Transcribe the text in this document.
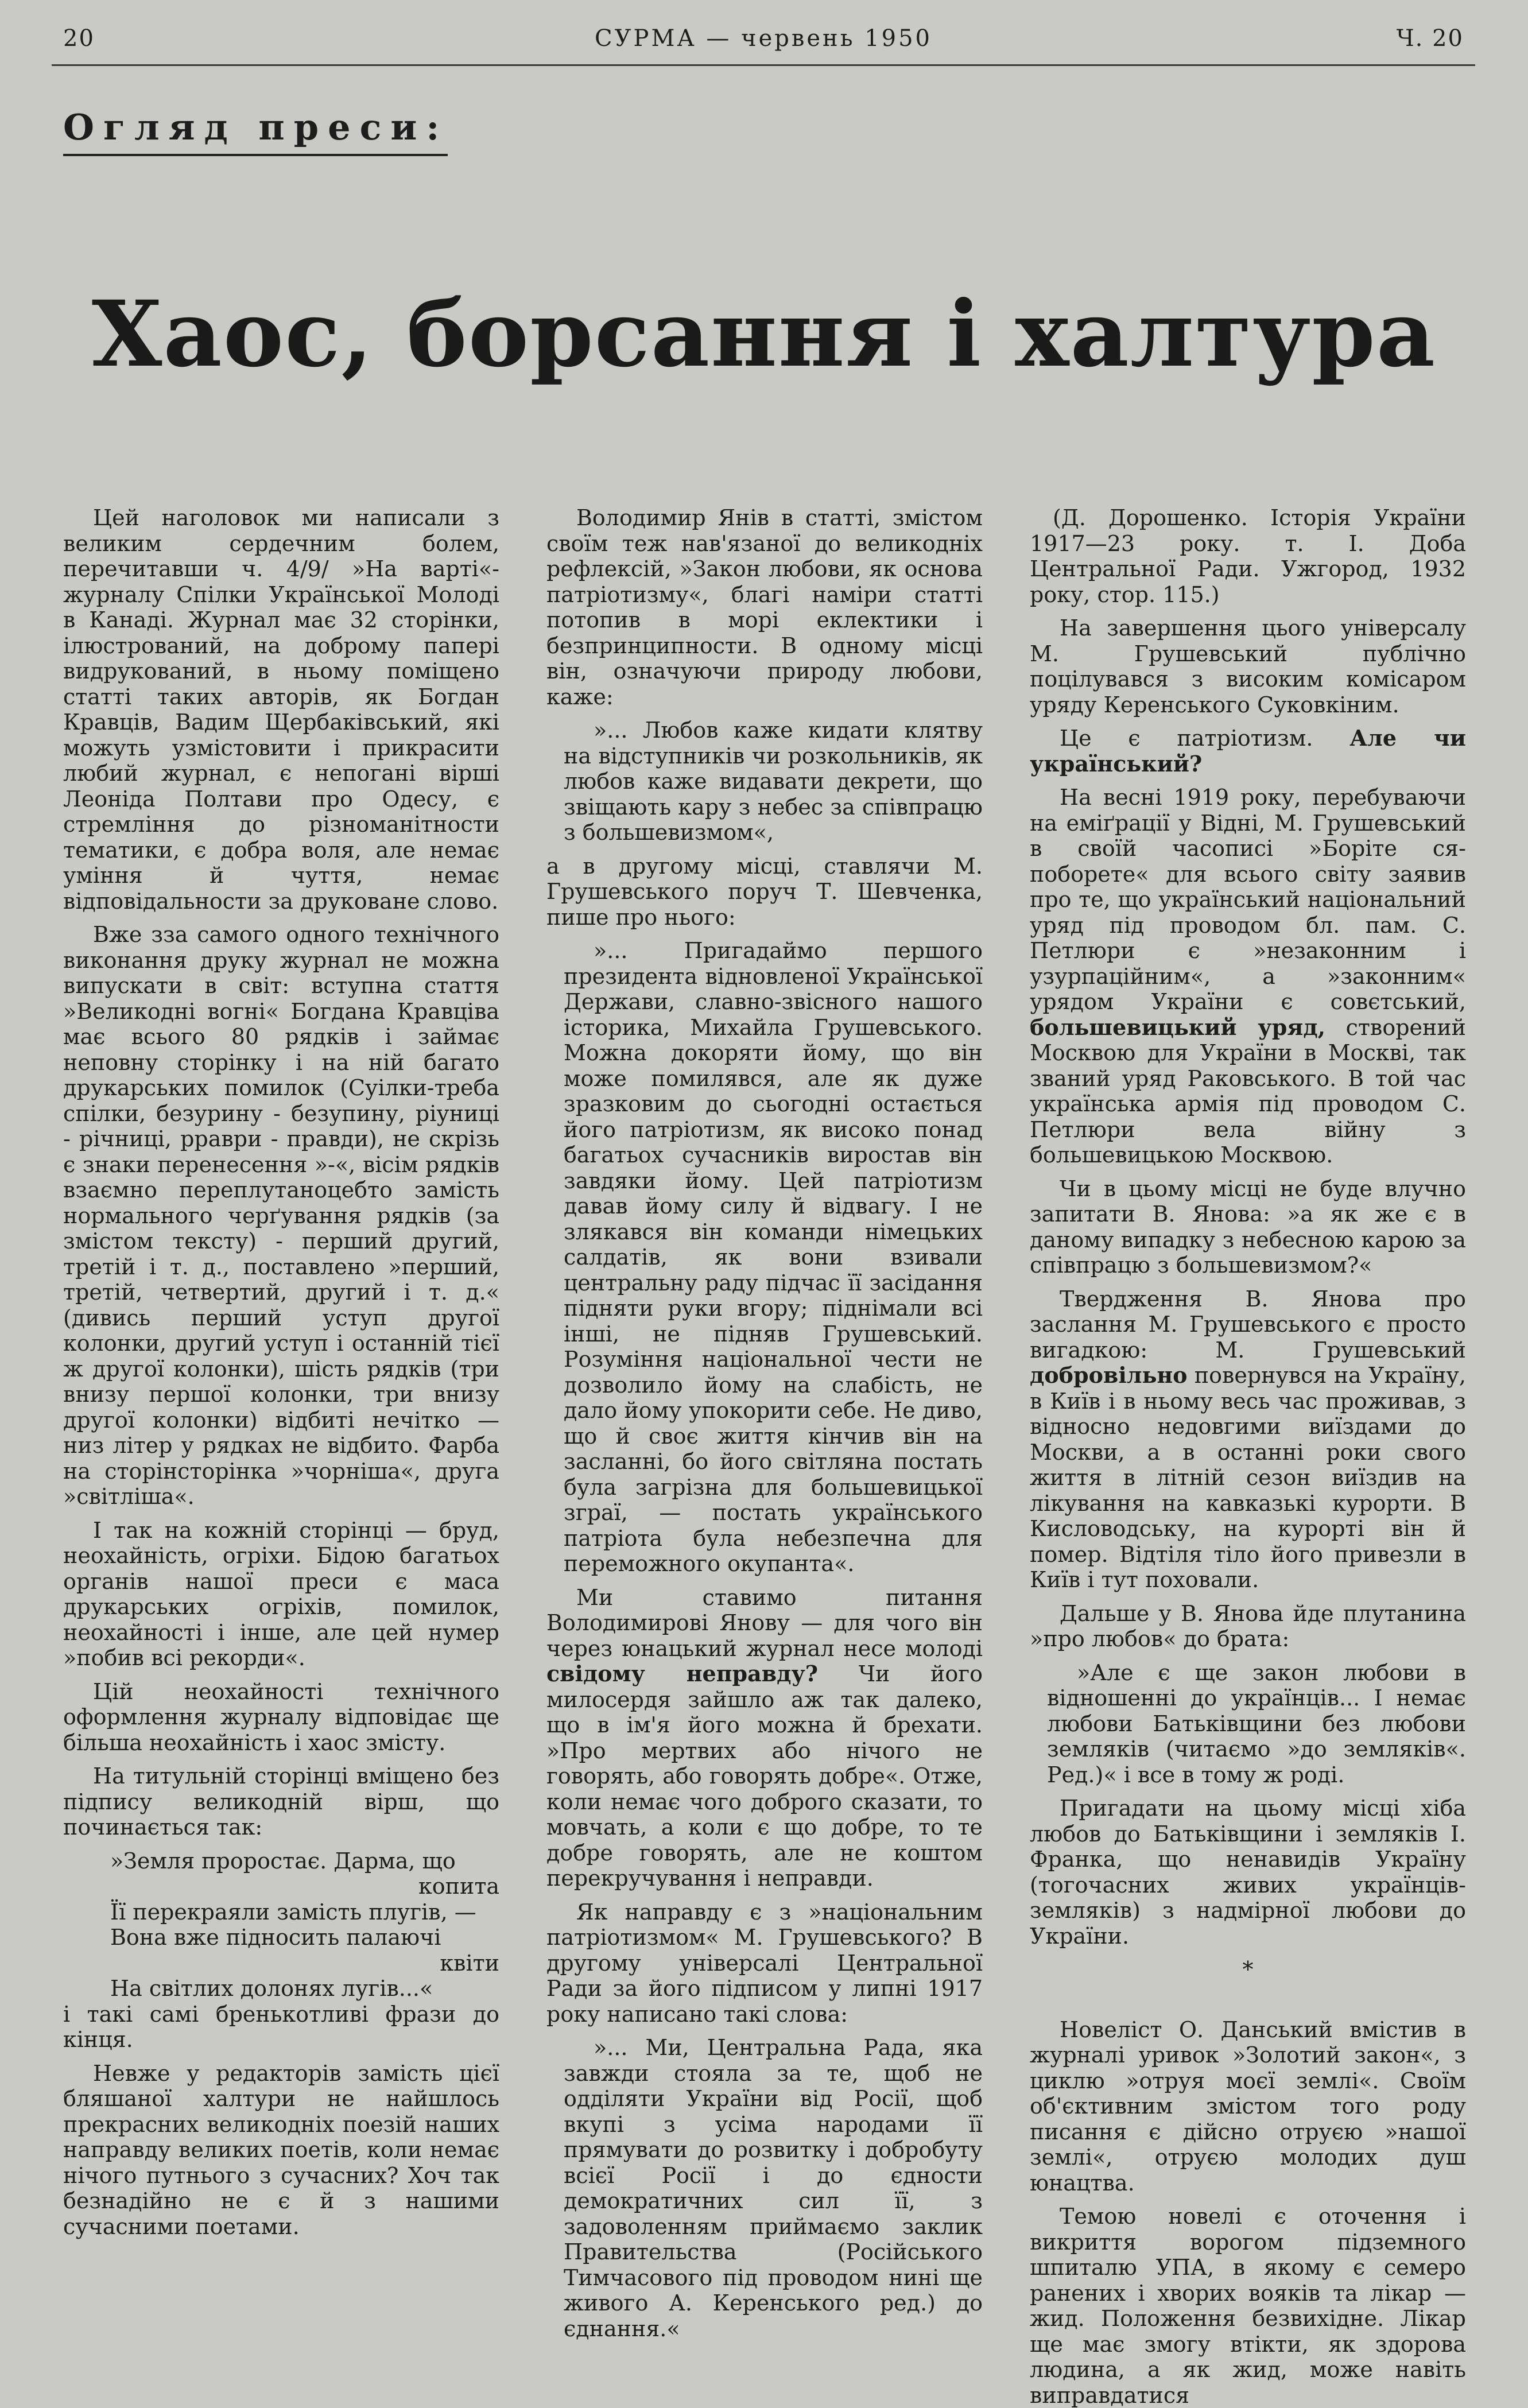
20	СУРМА — червень 1950	Ч. 20
Огляд преси:
Хаос, борсання і халтура

Цей наголовок ми написали з великим сердечним болем, перечитавши ч. 4/9/ »На варті«-журналу Спілки Української Молоді в Канаді. Журнал має 32 сторінки, ілюстрований, на доброму папері видрукований, в ньому поміщено статті таких авторів, як Богдан Кравців, Вадим Щербаківський, які можуть узмістовити і прикрасити любий журнал, є непогані вірші Леоніда Полтави про Одесу, є стремління до різноманітности тематики, є добра воля, але немає уміння й чуття, немає відповідальности за друковане слово.

Вже зза самого одного технічного виконання друку журнал не можна випускати в світ: вступна стаття »Великодні вогні« Богдана Кравціва має всього 80 рядків і займає неповну сторінку і на ній багато друкарських помилок (Суілки-треба спілки, безурину - безупину, ріуниці - річниці, рраври - правди), не скрізь є знаки перенесення »-«, вісім рядків взаємно переплутаноцебто замість нормального черґування рядків (за змістом тексту) - перший другий, третій і т. д., поставлено »перший, третій, четвертий, другий і т. д.« (дивись перший уступ другої колонки, другий уступ і останній тієї ж другої колонки), шість рядків (три внизу першої колонки, три внизу другої колонки) відбиті нечітко — низ літер у рядках не відбито. Фарба на сторінсторінка »чорніша«, друга »світліша«.

І так на кожній сторінці — бруд, неохайність, огріхи. Бідою багатьох органів нашої преси є маса друкарських огріхів, помилок, неохайності і інше, але цей нумер »побив всі рекорди«.

Цій неохайності технічного оформлення журналу відповідає ще більша неохайність і хаос змісту.

На титульній сторінці вміщено без підпису великодній вірш, що починається так:

»Земля проростає. Дарма, що

копита

Її перекраяли замість плугів, —

Вона вже підносить палаючі

квіти

На світлих долонях лугів...«

і такі самі бренькотливі фрази до кінця.

Невже у редакторів замість цієї бляшаної халтури не найшлось прекрасних великодніх поезій наших направду великих поетів, коли немає нічого путнього з сучасних? Хоч так безнадійно не є й з нашими сучасними поетами.

Володимир Янів в статті, змістом своїм теж нав'язаної до великодніх рефлексій, »Закон любови, як основа патріотизму«, благі наміри статті потопив в морі еклектики і безпринципности. В одному місці він, означуючи природу любови, каже:

»... Любов каже кидати клятву на відступників чи розкольників, як любов каже видавати декрети, що звіщають кару з небес за співпрацю з большевизмом«,

а в другому місці, ставлячи М. Грушевського поруч Т. Шевченка, пише про нього:

»... Пригадаймо першого президента відновленої Української Держави, славно-звісного нашого історика, Михайла Грушевського. Можна докоряти йому, що він може помилявся, але як дуже зразковим до сьогодні остається його патріотизм, як високо понад багатьох сучасників виростав він завдяки йому. Цей патріотизм давав йому силу й відвагу. І не злякався він команди німецьких салдатів, як вони взивали центральну раду підчас її засідання підняти руки вгору; піднімали всі інші, не підняв Грушевський. Розуміння національної чести не дозволило йому на слабість, не дало йому упокорити себе. Не диво, що й своє життя кінчив він на засланні, бо його світляна постать була загрізна для большевицької зграї, — постать українського патріота була небезпечна для переможного окупанта«.

Ми ставимо питання Володимирові Янову — для чого він через юнацький журнал несе молоді свідому неправду? Чи його милосердя зайшло аж так далеко, що в ім'я його можна й брехати. »Про мертвих або нічого не говорять, або говорять добре«. Отже, коли немає чого доброго сказати, то мовчать, а коли є що добре, то те добре говорять, але не коштом перекручування і неправди.

Як направду є з »національним патріотизмом« М. Грушевського? В другому універсалі Центральної Ради за його підписом у липні 1917 року написано такі слова:

»... Ми, Центральна Рада, яка завжди стояла за те, щоб не одділяти України від Росії, щоб вкупі з усіма народами її прямувати до розвитку і добробуту всієї Росії і до єдности демократичних сил її, з задоволенням приймаємо заклик Правительства (Російського Тимчасового під проводом нині ще живого А. Керенського ред.) до єднання.«

(Д. Дорошенко. Історія України 1917—23 року. т. І. Доба Центральної Ради. Ужгород, 1932 року, стор. 115.)

На завершення цього універсалу М. Грушевський публічно поцілувався з високим комісаром уряду Керенського Суковкіним.

Це є патріотизм. Але чи український?

На весні 1919 року, перебуваючи на еміґрації у Відні, М. Грушевський в своїй часописі »Боріте ся-поборете« для всього світу заявив про те, що український національний уряд під проводом бл. пам. С. Петлюри є »незаконним і узурпаційним«, а »законним« урядом України є совєтський, большевицький уряд, створений Москвою для України в Москві, так званий уряд Раковського. В той час українська армія під проводом С. Петлюри вела війну з большевицькою Москвою.

Чи в цьому місці не буде влучно запитати В. Янова: »а як же є в даному випадку з небесною карою за співпрацю з большевизмом?«

Твердження В. Янова про заслання М. Грушевського є просто вигадкою: М. Грушевський добровільно повернувся на Україну, в Київ і в ньому весь час проживав, з відносно недовгими виїздами до Москви, а в останні роки свого життя в літній сезон виїздив на лікування на кавказькі курорти. В Кисловодську, на курорті він й помер. Відтіля тіло його привезли в Київ і тут поховали.

Дальше у В. Янова йде плутанина »про любов« до брата:

»Але є ще закон любови в відношенні до українців... І немає любови Батьківщини без любови земляків (читаємо »до земляків«. Ред.)« і все в тому ж роді.

Пригадати на цьому місці хіба любов до Батьківщини і земляків І. Франка, що ненавидів Україну (тогочасних живих українців-земляків) з надмірної любови до України.

*

Новеліст О. Данський вмістив в журналі уривок »Золотий закон«, з циклю »отруя моєї землі«. Своїм об'єктивним змістом того роду писання є дійсно отруєю »нашої землі«, отруєю молодих душ юнацтва.

Темою новелі є оточення і викриття ворогом підземного шпиталю УПА, в якому є семеро ранених і хворих вояків та лікар — жид. Положення безвихідне. Лікар ще має змогу втікти, як здорова людина, а як жид, може навіть виправдатися
